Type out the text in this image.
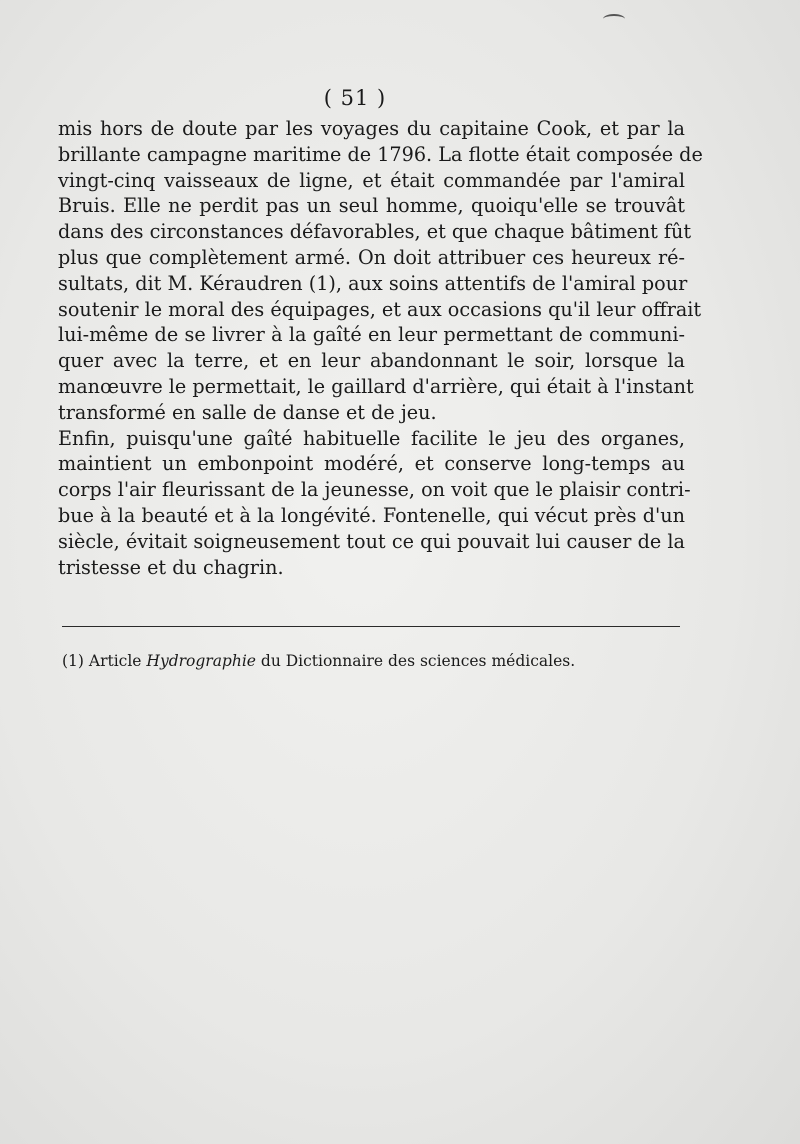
( 51 )
mis hors de doute par les voyages du capitaine Cook, et par la
brillante campagne maritime de 1796. La flotte était composée de
vingt-cinq vaisseaux de ligne, et était commandée par l'amiral
Bruis. Elle ne perdit pas un seul homme, quoiqu'elle se trouvât
dans des circonstances défavorables, et que chaque bâtiment fût
plus que complètement armé. On doit attribuer ces heureux ré-
sultats, dit M. Kéraudren (1), aux soins attentifs de l'amiral pour
soutenir le moral des équipages, et aux occasions qu'il leur offrait
lui-même de se livrer à la gaîté en leur permettant de communi-
quer avec la terre, et en leur abandonnant le soir, lorsque la
manœuvre le permettait, le gaillard d'arrière, qui était à l'instant
transformé en salle de danse et de jeu.
Enfin, puisqu'une gaîté habituelle facilite le jeu des organes,
maintient un embonpoint modéré, et conserve long-temps au
corps l'air fleurissant de la jeunesse, on voit que le plaisir contri-
bue à la beauté et à la longévité. Fontenelle, qui vécut près d'un
siècle, évitait soigneusement tout ce qui pouvait lui causer de la
tristesse et du chagrin.
(1) Article Hydrographie du Dictionnaire des sciences médicales.
